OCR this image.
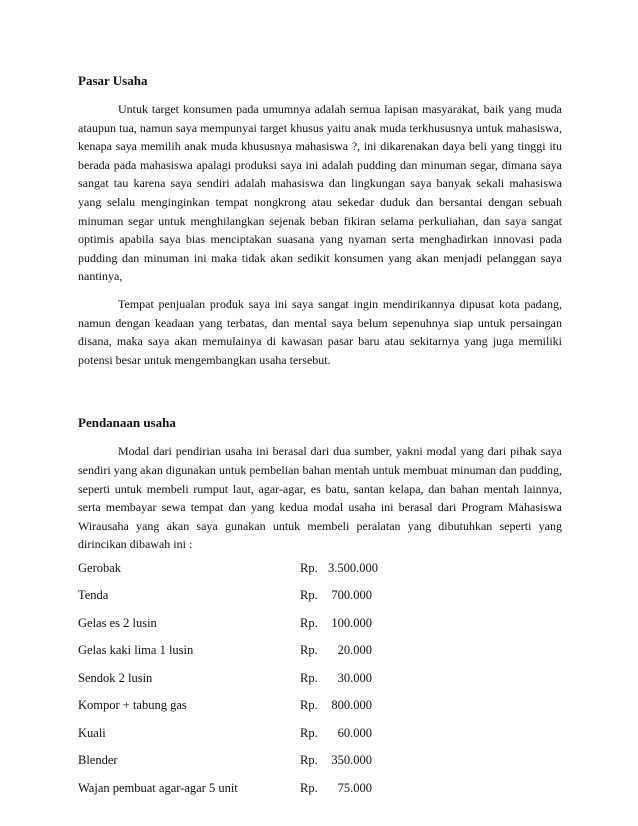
Pasar Usaha

Untuk target konsumen pada umumnya adalah semua lapisan masyarakat, baik yang muda ataupun tua, namun saya mempunyai target khusus yaitu anak muda terkhususnya untuk mahasiswa, kenapa saya memilih anak muda khususnya mahasiswa ?, ini dikarenakan daya beli yang tinggi itu berada pada mahasiswa apalagi produksi saya ini adalah pudding dan minuman segar, dimana saya sangat tau karena saya sendiri adalah mahasiswa dan lingkungan saya banyak sekali mahasiswa yang selalu menginginkan tempat nongkrong atau sekedar duduk dan bersantai dengan sebuah minuman segar untuk menghilangkan sejenak beban fikiran selama perkuliahan, dan saya sangat optimis apabila saya bias menciptakan suasana yang nyaman serta menghadirkan innovasi pada pudding dan minuman ini maka tidak akan sedikit konsumen yang akan menjadi pelanggan saya nantinya,

Tempat penjualan produk saya ini saya sangat ingin mendirikannya dipusat kota padang, namun dengan keadaan yang terbatas, dan mental saya belum sepenuhnya siap untuk persaingan disana, maka saya akan memulainya di kawasan pasar baru atau sekitarnya yang juga memiliki potensi besar untuk mengembangkan usaha tersebut.

Pendanaan usaha

Modal dari pendirian usaha ini berasal dari dua sumber, yakni modal yang dari pihak saya sendiri yang akan digunakan untuk pembelian bahan mentah untuk membuat minuman dan pudding, seperti untuk membeli rumput laut, agar-agar, es batu, santan kelapa, dan bahan mentah lainnya, serta membayar sewa tempat dan yang kedua modal usaha ini berasal dari Program Mahasiswa Wirausaha yang akan saya gunakan untuk membeli peralatan yang dibutuhkan seperti yang dirincikan dibawah ini :

Gerobak	Rp. 3.500.000
Tenda	Rp.	700.000
Gelas es 2 lusin	Rp.	100.000
Gelas kaki lima 1 lusin	Rp.	20.000
Sendok 2 lusin	Rp.	30.000
Kompor + tabung gas	Rp.	800.000
Kuali	Rp.	60.000
Blender	Rp.	350.000
Wajan pembuat agar-agar 5 unit	Rp.	75.000
